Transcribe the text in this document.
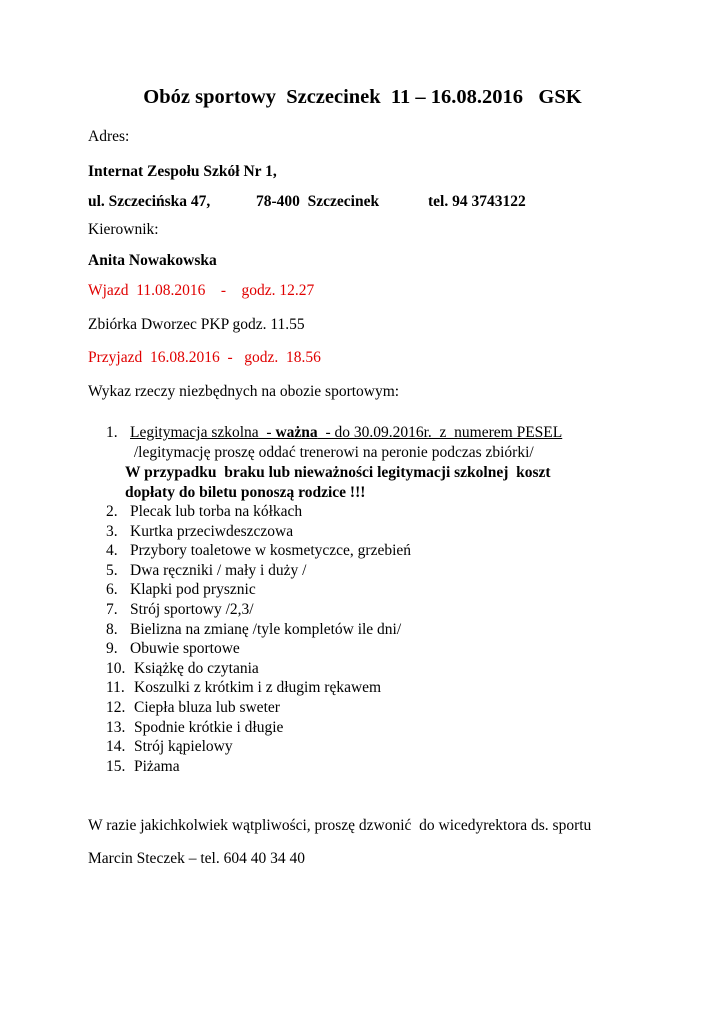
Obóz sportowy  Szczecinek  11 – 16.08.2016   GSK
Adres:
Internat Zespołu Szkół Nr 1,
ul. Szczecińska 47,	78-400  Szczecinek	tel. 94 3743122
Kierownik:
Anita Nowakowska
Wjazd  11.08.2016    -    godz. 12.27
Zbiórka Dworzec PKP godz. 11.55
Przyjazd  16.08.2016  -   godz.  18.56
Wykaz rzeczy niezbędnych na obozie sportowym:
1. Legitymacja szkolna  - ważna  - do 30.09.2016r.  z  numerem PESEL
/legitymację proszę oddać trenerowi na peronie podczas zbiórki/
W przypadku  braku lub nieważności legitymacji szkolnej  koszt
dopłaty do biletu ponoszą rodzice !!!
2. Plecak lub torba na kółkach
3. Kurtka przeciwdeszczowa
4. Przybory toaletowe w kosmetyczce, grzebień
5. Dwa ręczniki / mały i duży /
6. Klapki pod prysznic
7. Strój sportowy /2,3/
8. Bielizna na zmianę /tyle kompletów ile dni/
9. Obuwie sportowe
10. Książkę do czytania
11. Koszulki z krótkim i z długim rękawem
12. Ciepła bluza lub sweter
13. Spodnie krótkie i długie
14. Strój kąpielowy
15. Piżama
W razie jakichkolwiek wątpliwości, proszę dzwonić  do wicedyrektora ds. sportu
Marcin Steczek – tel. 604 40 34 40
